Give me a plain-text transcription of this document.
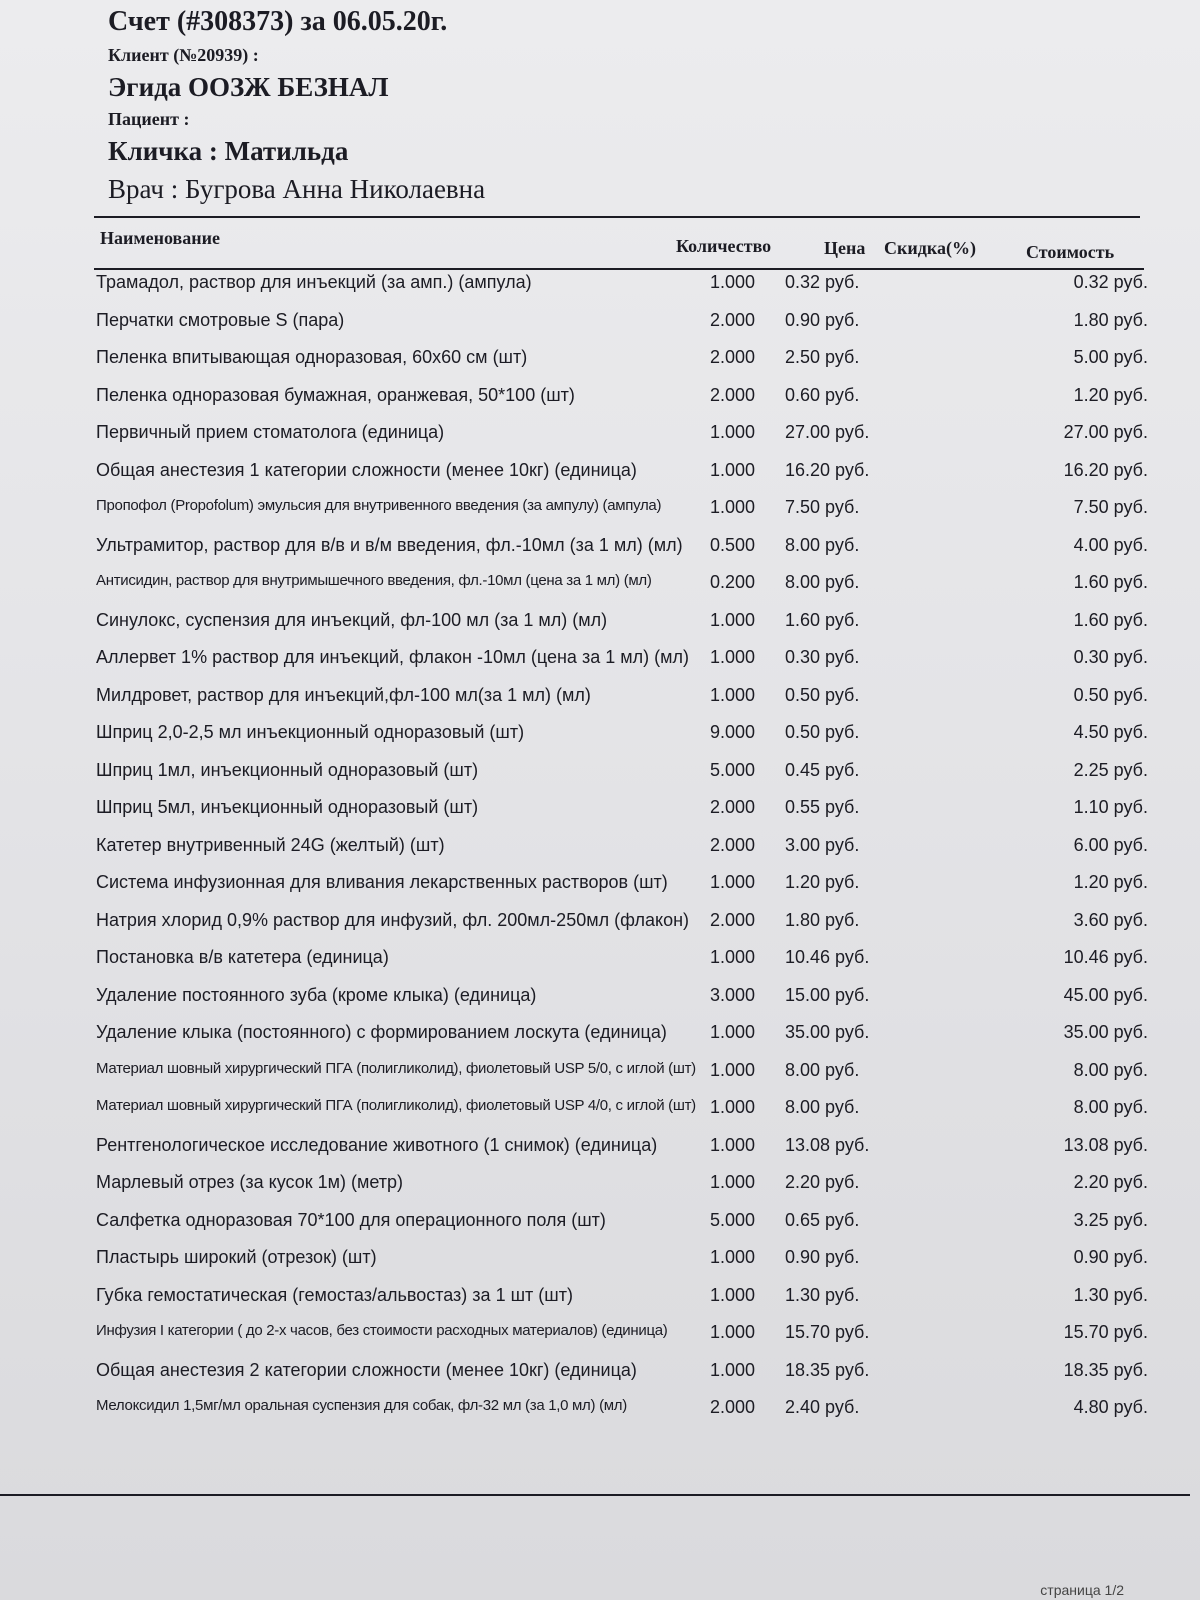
Счет (#308373) за 06.05.20г.
Клиент (№20939) :
Эгида ООЗЖ БЕЗНАЛ
Пациент :
Кличка : Матильда
Врач : Бугрова Анна Николаевна
Наименование	Количество	Цена Скидка(%)	Стоимость
Трамадол, раствор для инъекций (за амп.) (ампула)	1.000 0.32 руб.	0.32 руб.
Перчатки смотровые S (пара)	2.000 0.90 руб.	1.80 руб.
Пеленка впитывающая одноразовая, 60х60 см (шт)	2.000 2.50 руб.	5.00 руб.
Пеленка одноразовая бумажная, оранжевая, 50*100 (шт)	2.000 0.60 руб.	1.20 руб.
Первичный прием стоматолога (единица)	1.000 27.00 руб.	27.00 руб.
Общая анестезия 1 категории сложности (менее 10кг) (единица)	1.000 16.20 руб.	16.20 руб.
Пропофол (Propofolum) эмульсия для внутривенного введения (за ампулу) (ампула)	1.000 7.50 руб.	7.50 руб.
Ультрамитор, раствор для в/в и в/м введения, фл.-10мл (за 1 мл) (мл) 0.500 8.00 руб.	4.00 руб.
Антисидин, раствор для внутримышечного введения, фл.-10мл (цена за 1 мл) (мл)	0.200 8.00 руб.	1.60 руб.
Синулокс, суспензия для инъекций, фл-100 мл (за 1 мл) (мл)	1.000 1.60 руб.	1.60 руб.
Аллервет 1% раствор для инъекций, флакон -10мл (цена за 1 мл) (мл) 1.000 0.30 руб.	0.30 руб.
Милдровет, раствор для инъекций,фл-100 мл(за 1 мл) (мл)	1.000 0.50 руб.	0.50 руб.
Шприц 2,0-2,5 мл инъекционный одноразовый (шт)	9.000 0.50 руб.	4.50 руб.
Шприц 1мл, инъекционный одноразовый (шт)	5.000 0.45 руб.	2.25 руб.
Шприц 5мл, инъекционный одноразовый (шт)	2.000 0.55 руб.	1.10 руб.
Катетер внутривенный 24G (желтый) (шт)	2.000 3.00 руб.	6.00 руб.
Система инфузионная для вливания лекарственных растворов (шт) 1.000 1.20 руб.	1.20 руб.
Натрия хлорид 0,9% раствор для инфузий, фл. 200мл-250мл (флакон) 2.000 1.80 руб.	3.60 руб.
Постановка в/в катетера (единица)	1.000 10.46 руб.	10.46 руб.
Удаление постоянного зуба (кроме клыка) (единица)	3.000 15.00 руб.	45.00 руб.
Удаление клыка (постоянного) с формированием лоскута (единица) 1.000 35.00 руб.	35.00 руб.
Материал шовный хирургический ПГА (полигликолид), фиолетовый USP 5/0, с иглой (шт) 1.000 8.00 руб.	8.00 руб.
Материал шовный хирургический ПГА (полигликолид), фиолетовый USP 4/0, с иглой (шт) 1.000 8.00 руб.	8.00 руб.
Рентгенологическое исследование животного (1 снимок) (единица)	1.000 13.08 руб.	13.08 руб.
Марлевый отрез (за кусок 1м) (метр)	1.000 2.20 руб.	2.20 руб.
Салфетка одноразовая 70*100 для операционного поля (шт)	5.000 0.65 руб.	3.25 руб.
Пластырь широкий (отрезок) (шт)	1.000 0.90 руб.	0.90 руб.
Губка гемостатическая (гемостаз/альвостаз) за 1 шт (шт)	1.000 1.30 руб.	1.30 руб.
Инфузия I категории ( до 2-х часов, без стоимости расходных материалов) (единица) 1.000 15.70 руб.	15.70 руб.
Общая анестезия 2 категории сложности (менее 10кг) (единица)	1.000 18.35 руб.	18.35 руб.
Мелоксидил 1,5мг/мл оральная суспензия для собак, фл-32 мл (за 1,0 мл) (мл)	2.000 2.40 руб.	4.80 руб.
страница 1/2
